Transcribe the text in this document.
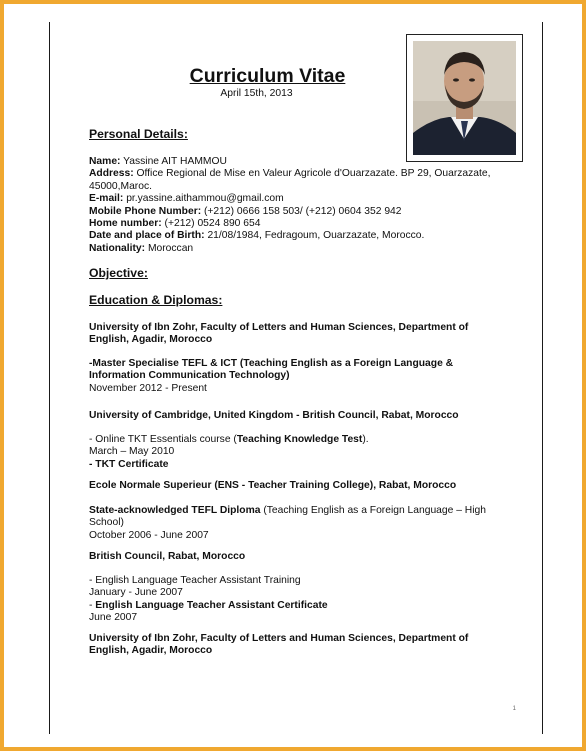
Curriculum Vitae
April 15th, 2013
Personal Details:
Name: Yassine AIT HAMMOU
Address: Office Regional de Mise en Valeur Agricole d'Ouarzazate. BP 29, Ouarzazate, 45000,Maroc.
E-mail: pr.yassine.aithammou@gmail.com
Mobile Phone Number: (+212) 0666 158 503/ (+212) 0604 352 942
Home number: (+212) 0524 890 654
Date and place of Birth: 21/08/1984, Fedragoum, Ouarzazate, Morocco.
Nationality: Moroccan
Objective:
Education & Diplomas:
University of Ibn Zohr, Faculty of Letters and Human Sciences, Department of English, Agadir, Morocco
-Master Specialise TEFL & ICT (Teaching English as a Foreign Language & Information Communication Technology)
November 2012 - Present
University of Cambridge, United Kingdom - British Council, Rabat, Morocco
- Online TKT Essentials course (Teaching Knowledge Test).
March – May 2010
- TKT Certificate
Ecole Normale Superieur (ENS - Teacher Training College), Rabat, Morocco
State-acknowledged TEFL Diploma (Teaching English as a Foreign Language – High School)
October 2006 - June 2007
British Council, Rabat, Morocco
- English Language Teacher Assistant Training
January - June 2007
- English Language Teacher Assistant Certificate
June 2007
University of Ibn Zohr, Faculty of Letters and Human Sciences, Department of English, Agadir, Morocco
1
